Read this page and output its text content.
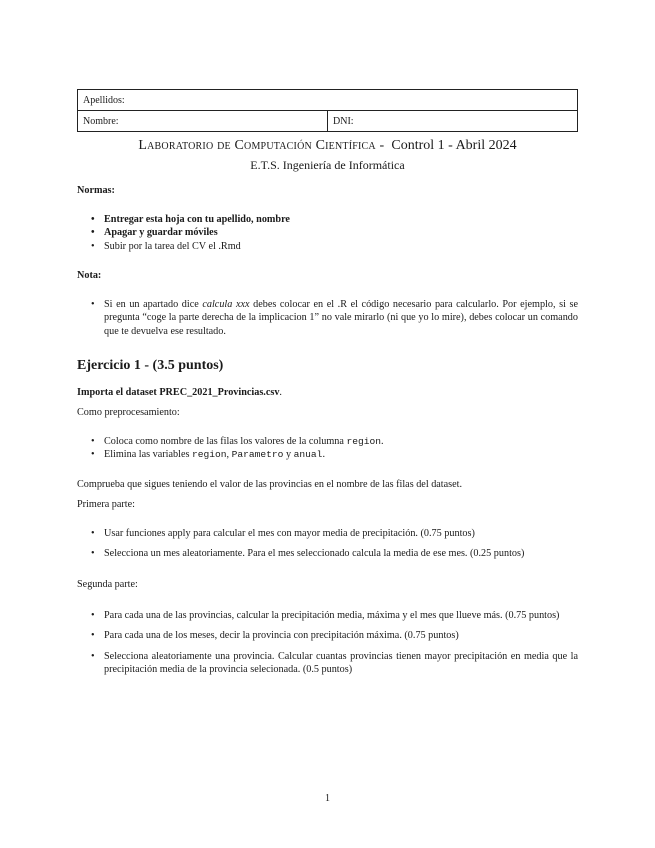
Apellidos:
Nombre:	DNI:
Laboratorio de Computación Científica - Control 1 - Abril 2024
E.T.S. Ingeniería de Informática
Normas:
• Entregar esta hoja con tu apellido, nombre
• Apagar y guardar móviles
• Subir por la tarea del CV el .Rmd
Nota:
• Si en un apartado dice calcula xxx debes colocar en el .R el código necesario para calcularlo. Por ejemplo, si se pregunta “coge la parte derecha de la implicacion 1” no vale mirarlo (ni que yo lo mire), debes colocar un comando que te devuelva ese resultado.
Ejercicio 1 - (3.5 puntos)
Importa el dataset PREC_2021_Provincias.csv.
Como preprocesamiento:
• Coloca como nombre de las filas los valores de la columna region.
• Elimina las variables region, Parametro y anual.
Comprueba que sigues teniendo el valor de las provincias en el nombre de las filas del dataset.
Primera parte:
• Usar funciones apply para calcular el mes con mayor media de precipitación. (0.75 puntos)
• Selecciona un mes aleatoriamente. Para el mes seleccionado calcula la media de ese mes. (0.25 puntos)
Segunda parte:
• Para cada una de las provincias, calcular la precipitación media, máxima y el mes que llueve más. (0.75 puntos)
• Para cada una de los meses, decir la provincia con precipitación máxima. (0.75 puntos)
• Selecciona aleatoriamente una provincia. Calcular cuantas provincias tienen mayor precipitación en media que la precipitación media de la provincia selecionada. (0.5 puntos)
1
